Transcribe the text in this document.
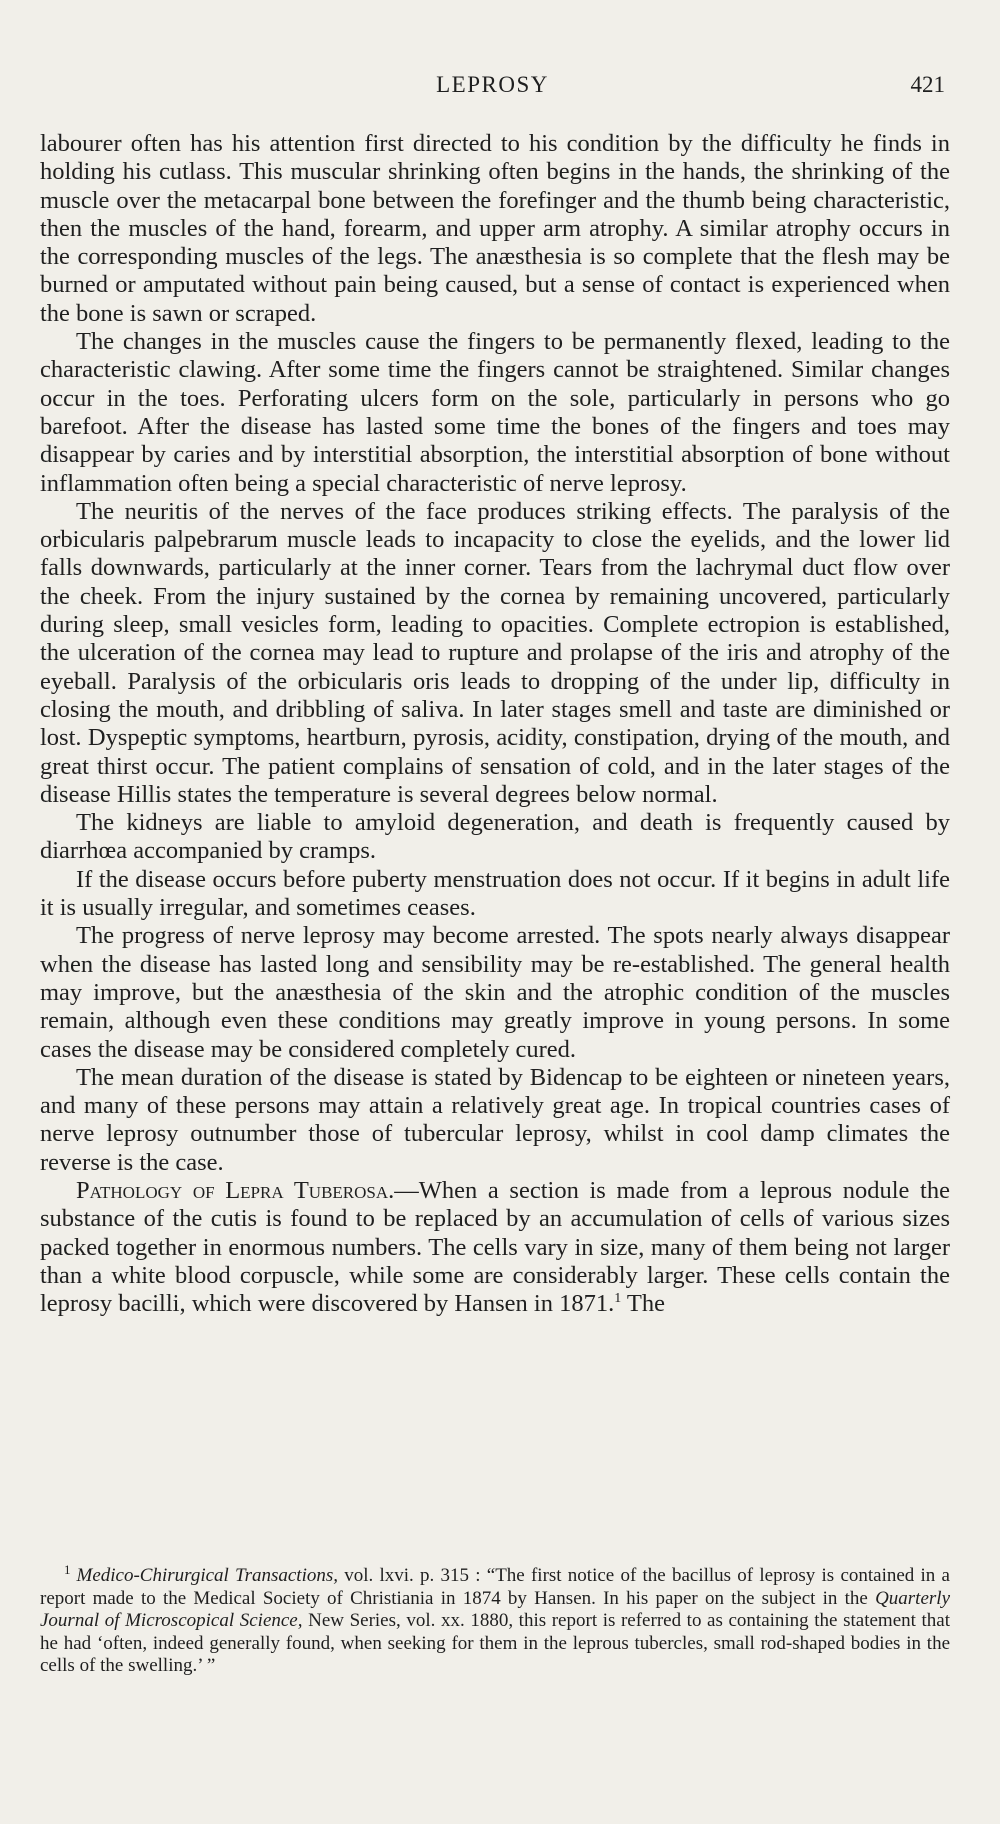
LEPROSY	421

labourer often has his attention first directed to his condition by the difficulty he finds in holding his cutlass. This muscular shrinking often begins in the hands, the shrinking of the muscle over the metacarpal bone between the forefinger and the thumb being characteristic, then the muscles of the hand, forearm, and upper arm atrophy. A similar atrophy occurs in the corresponding muscles of the legs. The anæsthesia is so complete that the flesh may be burned or amputated without pain being caused, but a sense of contact is experienced when the bone is sawn or scraped.

The changes in the muscles cause the fingers to be permanently flexed, leading to the characteristic clawing. After some time the fingers cannot be straightened. Similar changes occur in the toes. Perforating ulcers form on the sole, particularly in persons who go barefoot. After the disease has lasted some time the bones of the fingers and toes may disappear by caries and by interstitial absorption, the interstitial absorption of bone without inflammation often being a special characteristic of nerve leprosy.

The neuritis of the nerves of the face produces striking effects. The paralysis of the orbicularis palpebrarum muscle leads to incapacity to close the eyelids, and the lower lid falls downwards, particularly at the inner corner. Tears from the lachrymal duct flow over the cheek. From the injury sustained by the cornea by remaining uncovered, particularly during sleep, small vesicles form, leading to opacities. Complete ectropion is established, the ulceration of the cornea may lead to rupture and prolapse of the iris and atrophy of the eyeball. Paralysis of the orbicularis oris leads to dropping of the under lip, difficulty in closing the mouth, and dribbling of saliva. In later stages smell and taste are diminished or lost. Dyspeptic symptoms, heartburn, pyrosis, acidity, constipation, drying of the mouth, and great thirst occur. The patient complains of sensation of cold, and in the later stages of the disease Hillis states the temperature is several degrees below normal.

The kidneys are liable to amyloid degeneration, and death is frequently caused by diarrhœa accompanied by cramps.

If the disease occurs before puberty menstruation does not occur. If it begins in adult life it is usually irregular, and sometimes ceases.

The progress of nerve leprosy may become arrested. The spots nearly always disappear when the disease has lasted long and sensibility may be re-established. The general health may improve, but the anæsthesia of the skin and the atrophic condition of the muscles remain, although even these conditions may greatly improve in young persons. In some cases the disease may be considered completely cured.

The mean duration of the disease is stated by Bidencap to be eighteen or nineteen years, and many of these persons may attain a relatively great age. In tropical countries cases of nerve leprosy outnumber those of tubercular leprosy, whilst in cool damp climates the reverse is the case.

Pathology of Lepra Tuberosa.—When a section is made from a leprous nodule the substance of the cutis is found to be replaced by an accumulation of cells of various sizes packed together in enormous numbers. The cells vary in size, many of them being not larger than a white blood corpuscle, while some are considerably larger. These cells contain the leprosy bacilli, which were discovered by Hansen in 1871.$^1$ The

$^1$ Medico-Chirurgical Transactions, vol. lxvi. p. 315 : “The first notice of the bacillus of leprosy is contained in a report made to the Medical Society of Christiania in 1874 by Hansen. In his paper on the subject in the Quarterly Journal of Microscopical Science, New Series, vol. xx. 1880, this report is referred to as containing the statement that he had ‘often, indeed generally found, when seeking for them in the leprous tubercles, small rod-shaped bodies in the cells of the swelling.’ ”
